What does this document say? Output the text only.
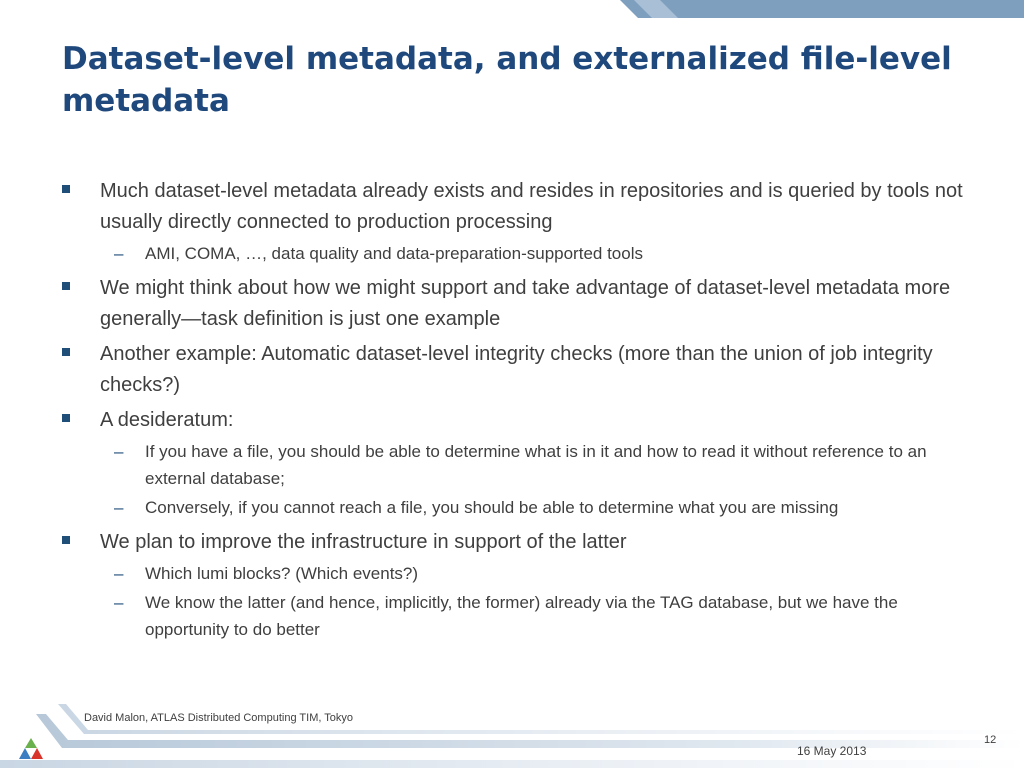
Dataset-level metadata, and externalized file-level metadata
Much dataset-level metadata already exists and resides in repositories and is queried by tools not usually directly connected to production processing
– AMI, COMA, …, data quality and data-preparation-supported tools
We might think about how we might support and take advantage of dataset-level metadata more generally—task definition is just one example
Another example: Automatic dataset-level integrity checks (more than the union of job integrity checks?)
A desideratum:
– If you have a file, you should be able to determine what is in it and how to read it without reference to an external database;
– Conversely, if you cannot reach a file, you should be able to determine what you are missing
We plan to improve the infrastructure in support of the latter
– Which lumi blocks? (Which events?)
– We know the latter (and hence, implicitly, the former) already via the TAG database, but we have the opportunity to do better
David Malon, ATLAS Distributed Computing TIM, Tokyo
12
16 May 2013
